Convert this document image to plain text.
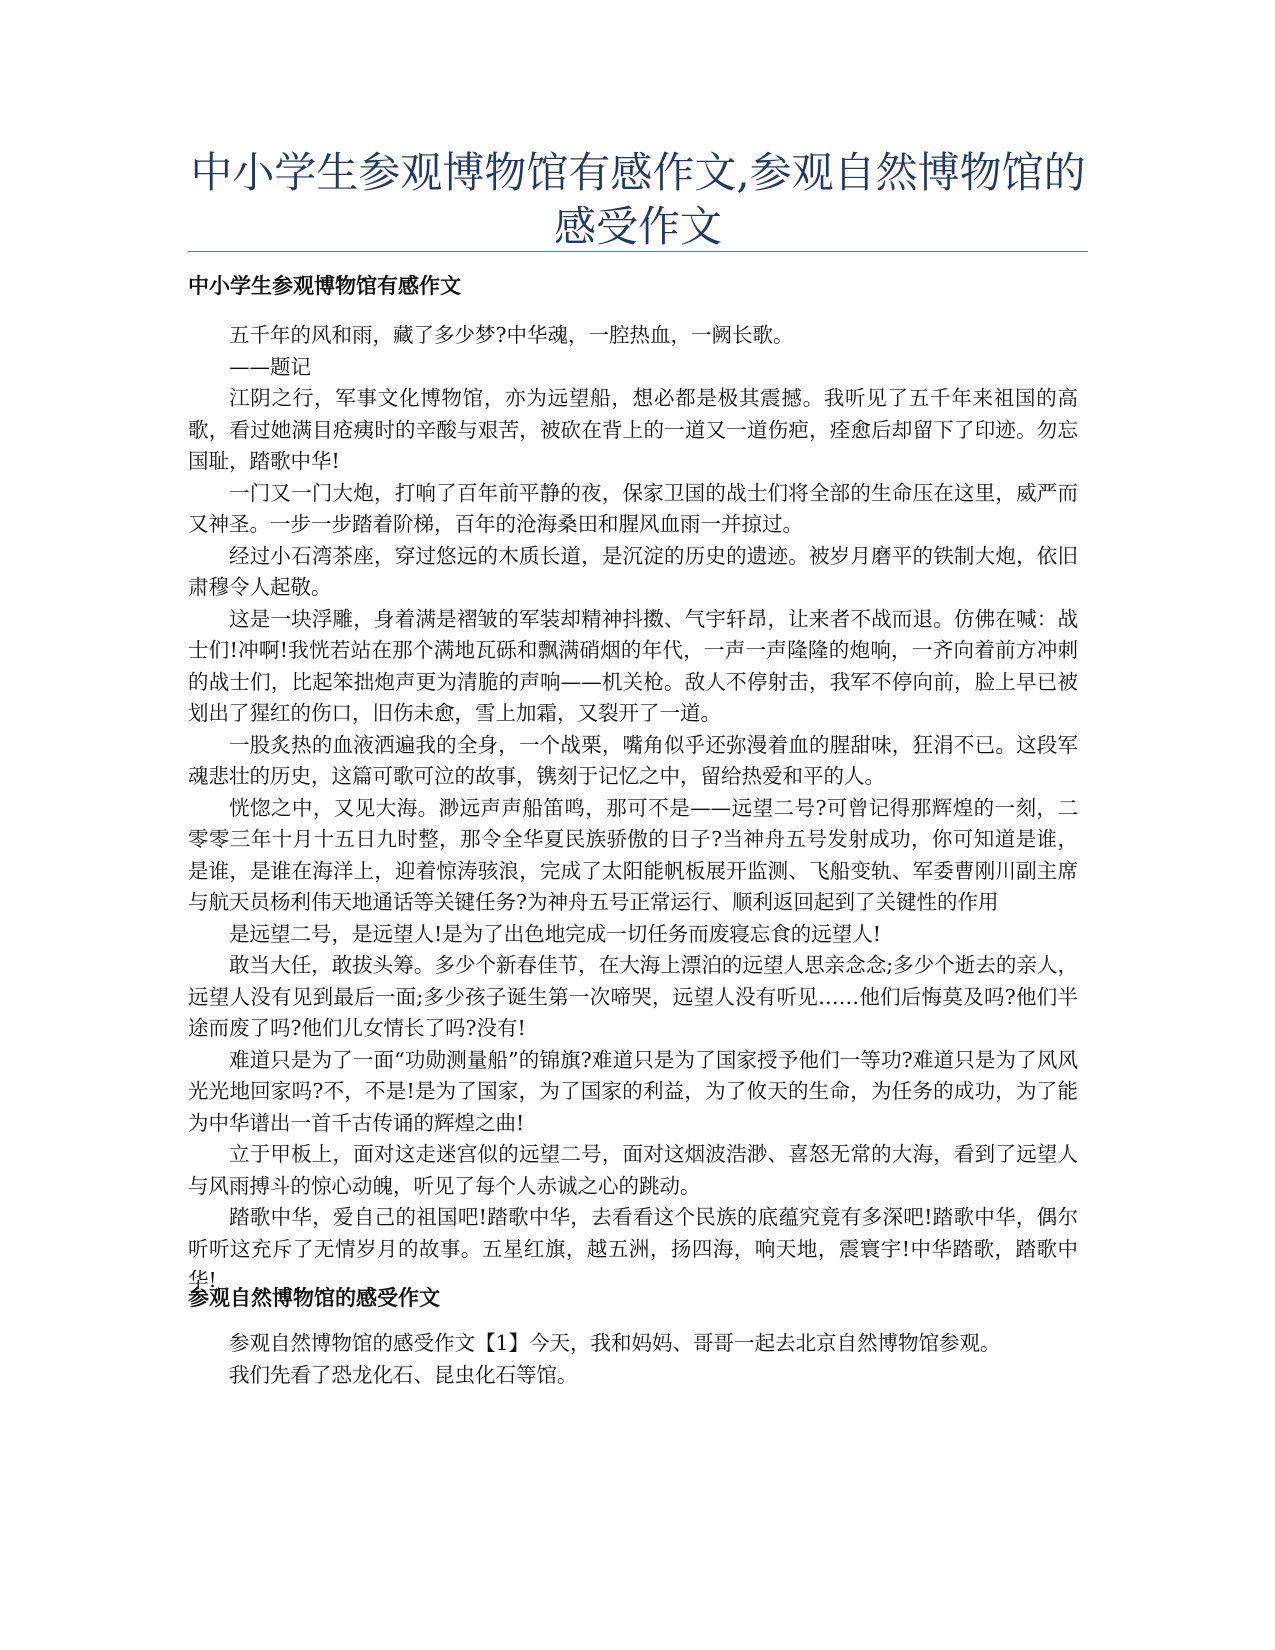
中小学生参观博物馆有感作文,参观自然博物馆的感受作文
中小学生参观博物馆有感作文

五千年的风和雨，藏了多少梦?中华魂，一腔热血，一阙长歌。

——题记

江阴之行，军事文化博物馆，亦为远望船，想必都是极其震撼。我听见了五千年来祖国的高歌，看过她满目疮痍时的辛酸与艰苦，被砍在背上的一道又一道伤疤，痊愈后却留下了印迹。勿忘国耻，踏歌中华!

一门又一门大炮，打响了百年前平静的夜，保家卫国的战士们将全部的生命压在这里，威严而又神圣。一步一步踏着阶梯，百年的沧海桑田和腥风血雨一并掠过。

经过小石湾茶座，穿过悠远的木质长道，是沉淀的历史的遗迹。被岁月磨平的铁制大炮，依旧肃穆令人起敬。

这是一块浮雕，身着满是褶皱的军装却精神抖擞、气宇轩昂，让来者不战而退。仿佛在喊：战士们!冲啊!我恍若站在那个满地瓦砾和飘满硝烟的年代，一声一声隆隆的炮响，一齐向着前方冲刺的战士们，比起笨拙炮声更为清脆的声响——机关枪。敌人不停射击，我军不停向前，脸上早已被划出了猩红的伤口，旧伤未愈，雪上加霜，又裂开了一道。

一股炙热的血液洒遍我的全身，一个战栗，嘴角似乎还弥漫着血的腥甜味，狂涓不已。这段军魂悲壮的历史，这篇可歌可泣的故事，镌刻于记忆之中，留给热爱和平的人。

恍惚之中，又见大海。渺远声声船笛鸣，那可不是——远望二号?可曾记得那辉煌的一刻，二零零三年十月十五日九时整，那令全华夏民族骄傲的日子?当神舟五号发射成功，你可知道是谁，是谁，是谁在海洋上，迎着惊涛骇浪，完成了太阳能帆板展开监测、飞船变轨、军委曹刚川副主席与航天员杨利伟天地通话等关键任务?为神舟五号正常运行、顺利返回起到了关键性的作用

是远望二号，是远望人!是为了出色地完成一切任务而废寝忘食的远望人!

敢当大任，敢拔头筹。多少个新春佳节，在大海上漂泊的远望人思亲念念;多少个逝去的亲人，远望人没有见到最后一面;多少孩子诞生第一次啼哭，远望人没有听见……他们后悔莫及吗?他们半途而废了吗?他们儿女情长了吗?没有!

难道只是为了一面“功勋测量船”的锦旗?难道只是为了国家授予他们一等功?难道只是为了风风光光地回家吗?不，不是!是为了国家，为了国家的利益，为了攸天的生命，为任务的成功，为了能为中华谱出一首千古传诵的辉煌之曲!

立于甲板上，面对这走迷宫似的远望二号，面对这烟波浩渺、喜怒无常的大海，看到了远望人与风雨搏斗的惊心动魄，听见了每个人赤诚之心的跳动。

踏歌中华，爱自己的祖国吧!踏歌中华，去看看这个民族的底蕴究竟有多深吧!踏歌中华，偶尔听听这充斥了无情岁月的故事。五星红旗，越五洲，扬四海，响天地，震寰宇!中华踏歌，踏歌中华!

参观自然博物馆的感受作文

参观自然博物馆的感受作文【1】今天，我和妈妈、哥哥一起去北京自然博物馆参观。

我们先看了恐龙化石、昆虫化石等馆。
